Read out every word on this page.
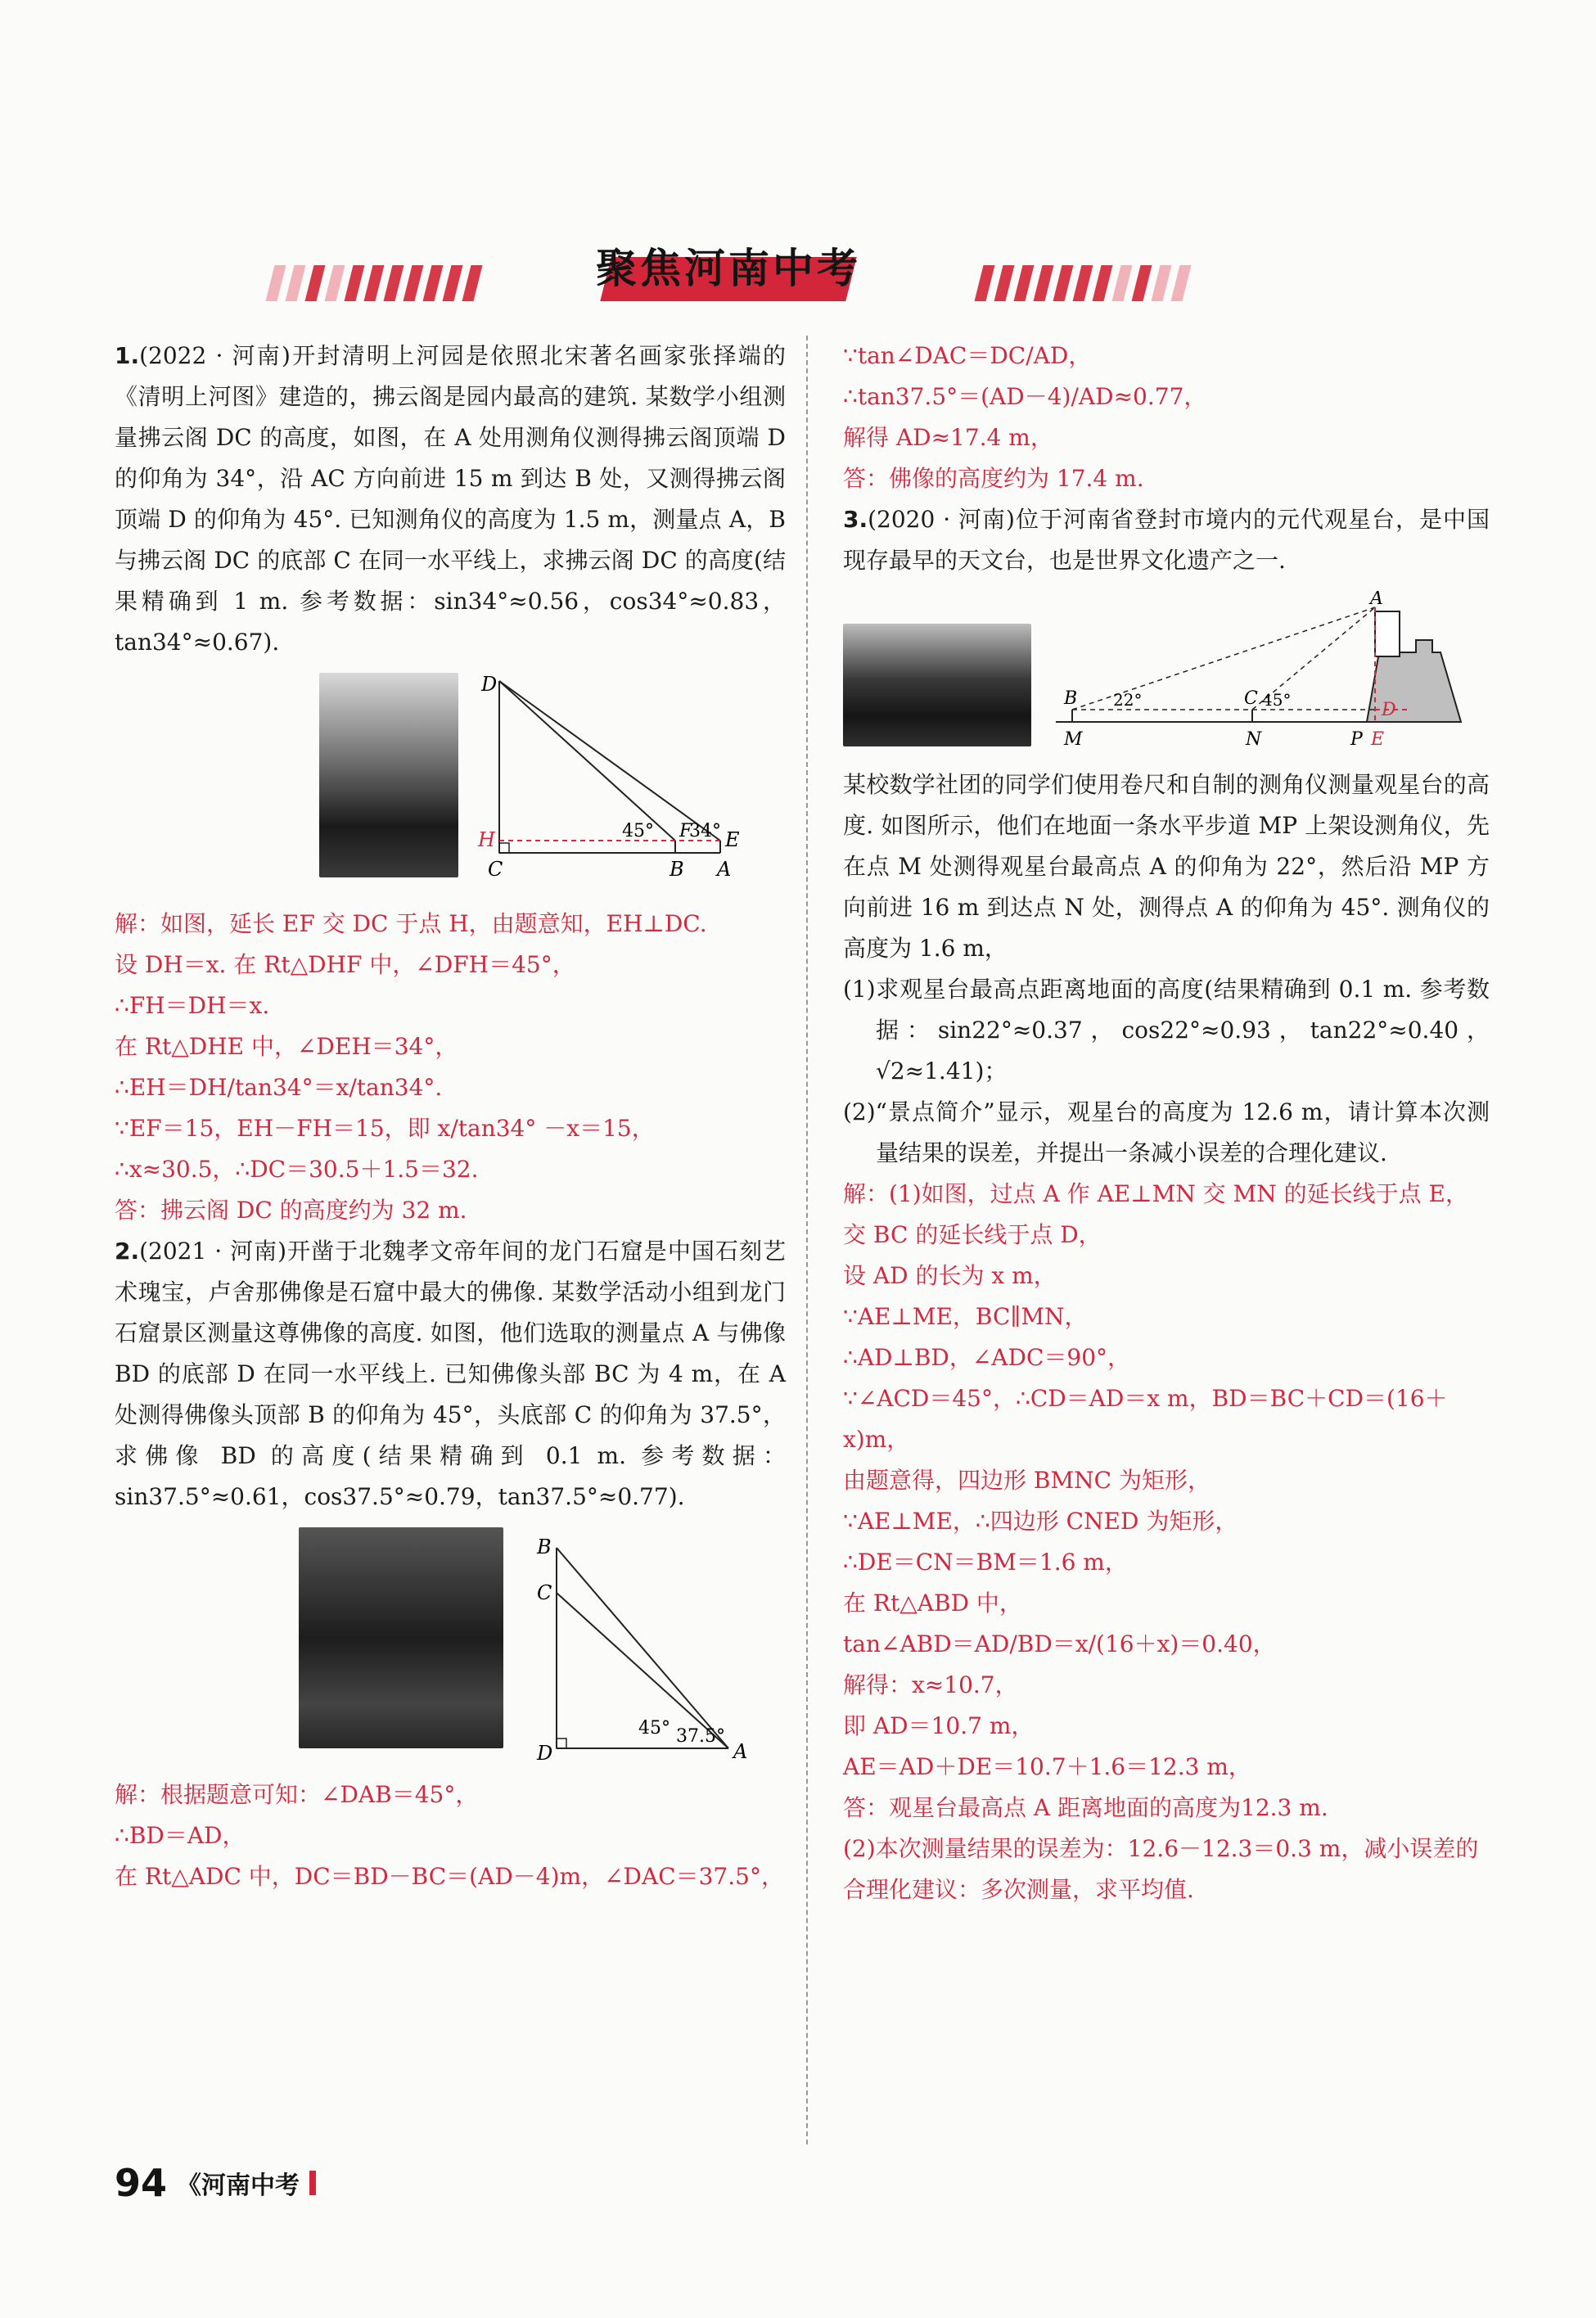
聚焦河南中考

1.(2022 · 河南)开封清明上河园是依照北宋著名画家张择端的《清明上河图》建造的，拂云阁是园内最高的建筑. 某数学小组测量拂云阁 DC 的高度，如图，在 A 处用测角仪测得拂云阁顶端 D 的仰角为 34°，沿 AC 方向前进 15 m 到达 B 处，又测得拂云阁顶端 D 的仰角为 45°. 已知测角仪的高度为 1.5 m，测量点 A，B 与拂云阁 DC 的底部 C 在同一水平线上，求拂云阁 DC 的高度(结果精确到 1 m. 参考数据：sin34°≈0.56，cos34°≈0.83，tan34°≈0.67).

D
H
C	B A
E
F
45° 34°
解：如图，延长 EF 交 DC 于点 H，由题意知，EH⊥DC.
设 DH＝x. 在 Rt△DHF 中，∠DFH＝45°，
∴FH＝DH＝x.
在 Rt△DHE 中，∠DEH＝34°，
∴EH＝DH/tan34°＝x/tan34°.
∵EF＝15，EH－FH＝15，即 x/tan34° －x＝15，
∴x≈30.5，∴DC＝30.5＋1.5＝32.
答：拂云阁 DC 的高度约为 32 m.

2.(2021 · 河南)开凿于北魏孝文帝年间的龙门石窟是中国石刻艺术瑰宝，卢舍那佛像是石窟中最大的佛像. 某数学活动小组到龙门石窟景区测量这尊佛像的高度. 如图，他们选取的测量点 A 与佛像 BD 的底部 D 在同一水平线上. 已知佛像头部 BC 为 4 m，在 A 处测得佛像头顶部 B 的仰角为 45°，头底部 C 的仰角为 37.5°，求佛像 BD 的高度(结果精确到 0.1 m. 参考数据：sin37.5°≈0.61，cos37.5°≈0.79，tan37.5°≈0.77).

B
C
D	A
45° 37.5°
解：根据题意可知：∠DAB＝45°，
∴BD＝AD，
在 Rt△ADC 中，DC＝BD－BC＝(AD－4)m，∠DAC＝37.5°，
∵tan∠DAC＝DC/AD，
∴tan37.5°＝(AD－4)/AD≈0.77，
解得 AD≈17.4 m，
答：佛像的高度约为 17.4 m.

3.(2020 · 河南)位于河南省登封市境内的元代观星台，是中国现存最早的天文台，也是世界文化遗产之一.

A
B	C
M	N	P E
D
22°	45°

某校数学社团的同学们使用卷尺和自制的测角仪测量观星台的高度. 如图所示，他们在地面一条水平步道 MP 上架设测角仪，先在点 M 处测得观星台最高点 A 的仰角为 22°，然后沿 MP 方向前进 16 m 到达点 N 处，测得点 A 的仰角为 45°. 测角仪的高度为 1.6 m，

(1)求观星台最高点距离地面的高度(结果精确到 0.1 m. 参考数据：sin22°≈0.37，cos22°≈0.93，tan22°≈0.40，√2≈1.41)；

(2)“景点简介”显示，观星台的高度为 12.6 m，请计算本次测量结果的误差，并提出一条减小误差的合理化建议.

解：(1)如图，过点 A 作 AE⊥MN 交 MN 的延长线于点 E，交 BC 的延长线于点 D，
设 AD 的长为 x m，
∵AE⊥ME，BC∥MN，
∴AD⊥BD，∠ADC＝90°，
∵∠ACD＝45°，∴CD＝AD＝x m，BD＝BC＋CD＝(16＋x)m，
由题意得，四边形 BMNC 为矩形，
∵AE⊥ME，∴四边形 CNED 为矩形，
∴DE＝CN＝BM＝1.6 m，
在 Rt△ABD 中，
tan∠ABD＝AD/BD＝x/(16＋x)＝0.40，
解得：x≈10.7，
即 AD＝10.7 m，
AE＝AD＋DE＝10.7＋1.6＝12.3 m，
答：观星台最高点 A 距离地面的高度为12.3 m.
(2)本次测量结果的误差为：12.6－12.3＝0.3 m，减小误差的合理化建议：多次测量，求平均值.
94 《河南中考
